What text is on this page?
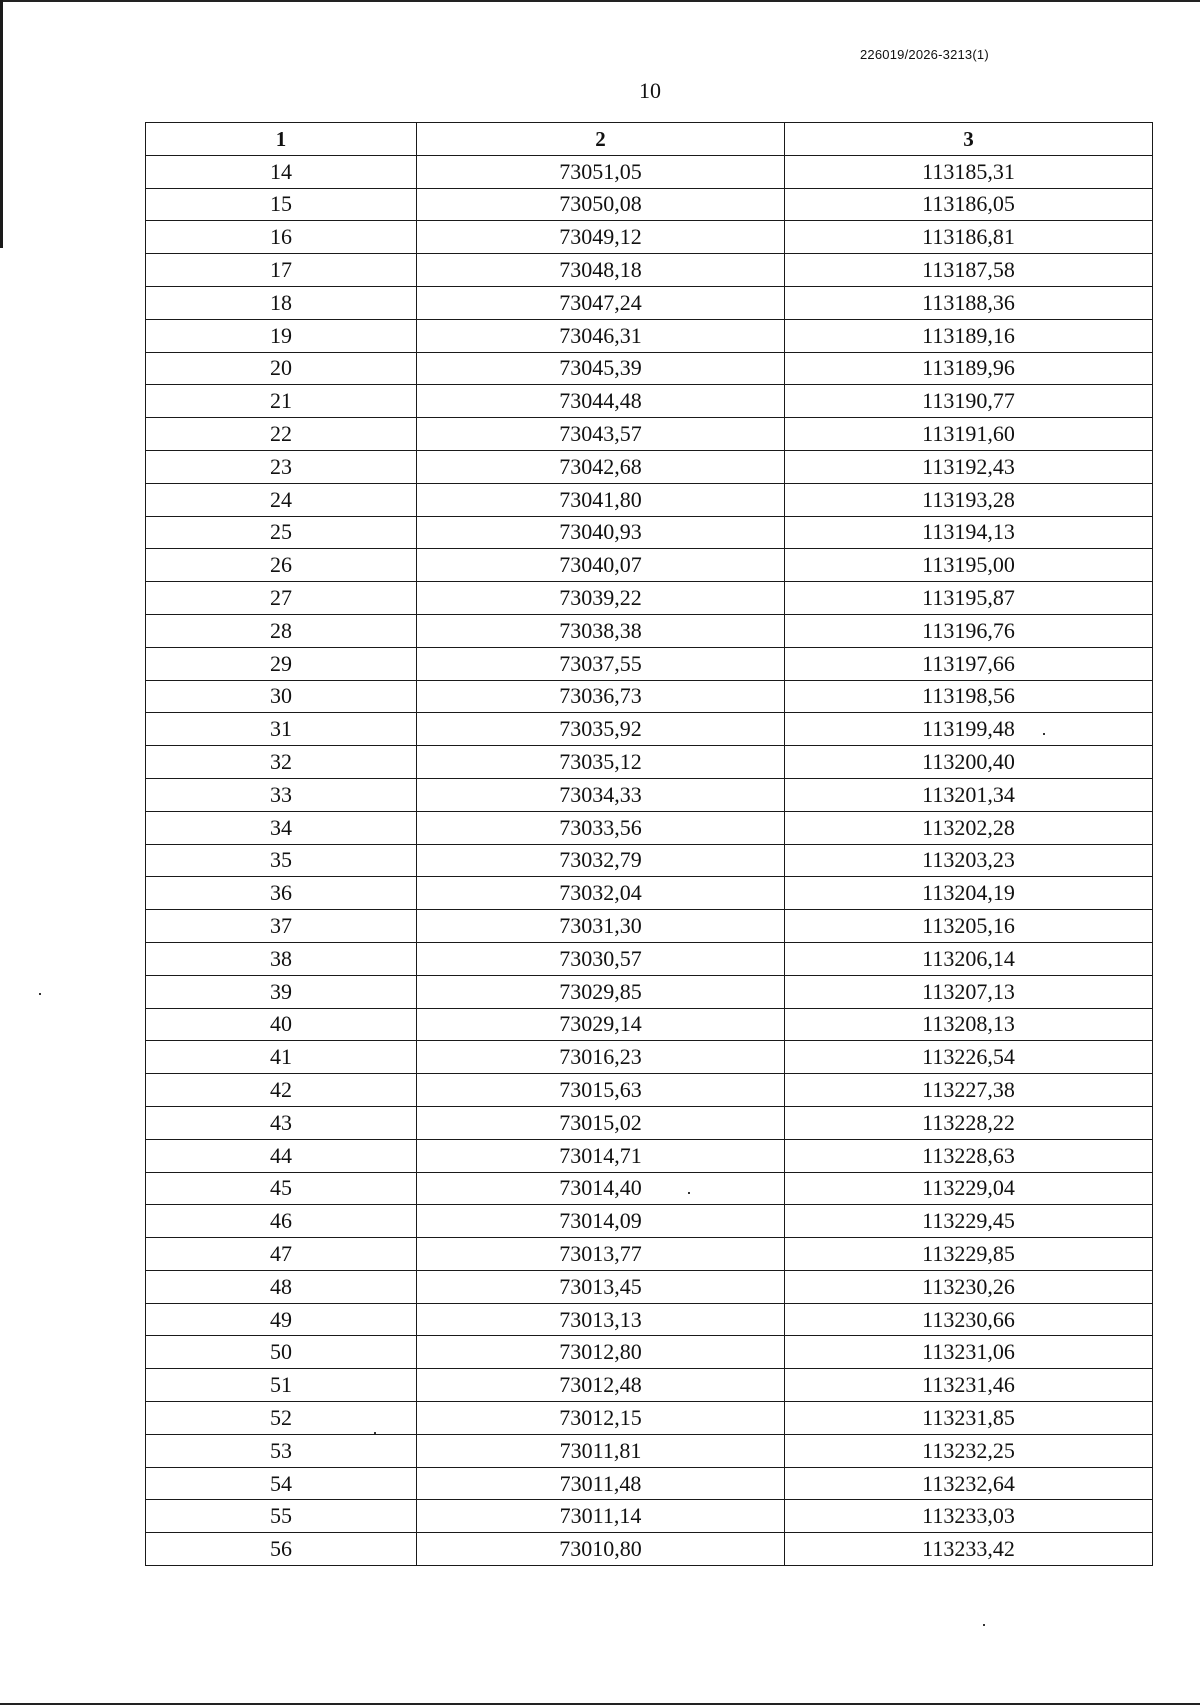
226019/2026-3213(1)
10
1	2	3
14	73051,05	113185,31
15	73050,08	113186,05
16	73049,12	113186,81
17	73048,18	113187,58
18	73047,24	113188,36
19	73046,31	113189,16
20	73045,39	113189,96
21	73044,48	113190,77
22	73043,57	113191,60
23	73042,68	113192,43
24	73041,80	113193,28
25	73040,93	113194,13
26	73040,07	113195,00
27	73039,22	113195,87
28	73038,38	113196,76
29	73037,55	113197,66
30	73036,73	113198,56
31	73035,92	113199,48
32	73035,12	113200,40
33	73034,33	113201,34
34	73033,56	113202,28
35	73032,79	113203,23
36	73032,04	113204,19
37	73031,30	113205,16
38	73030,57	113206,14
39	73029,85	113207,13
40	73029,14	113208,13
41	73016,23	113226,54
42	73015,63	113227,38
43	73015,02	113228,22
44	73014,71	113228,63
45	73014,40	113229,04
46	73014,09	113229,45
47	73013,77	113229,85
48	73013,45	113230,26
49	73013,13	113230,66
50	73012,80	113231,06
51	73012,48	113231,46
52	73012,15	113231,85
53	73011,81	113232,25
54	73011,48	113232,64
55	73011,14	113233,03
56	73010,80	113233,42
